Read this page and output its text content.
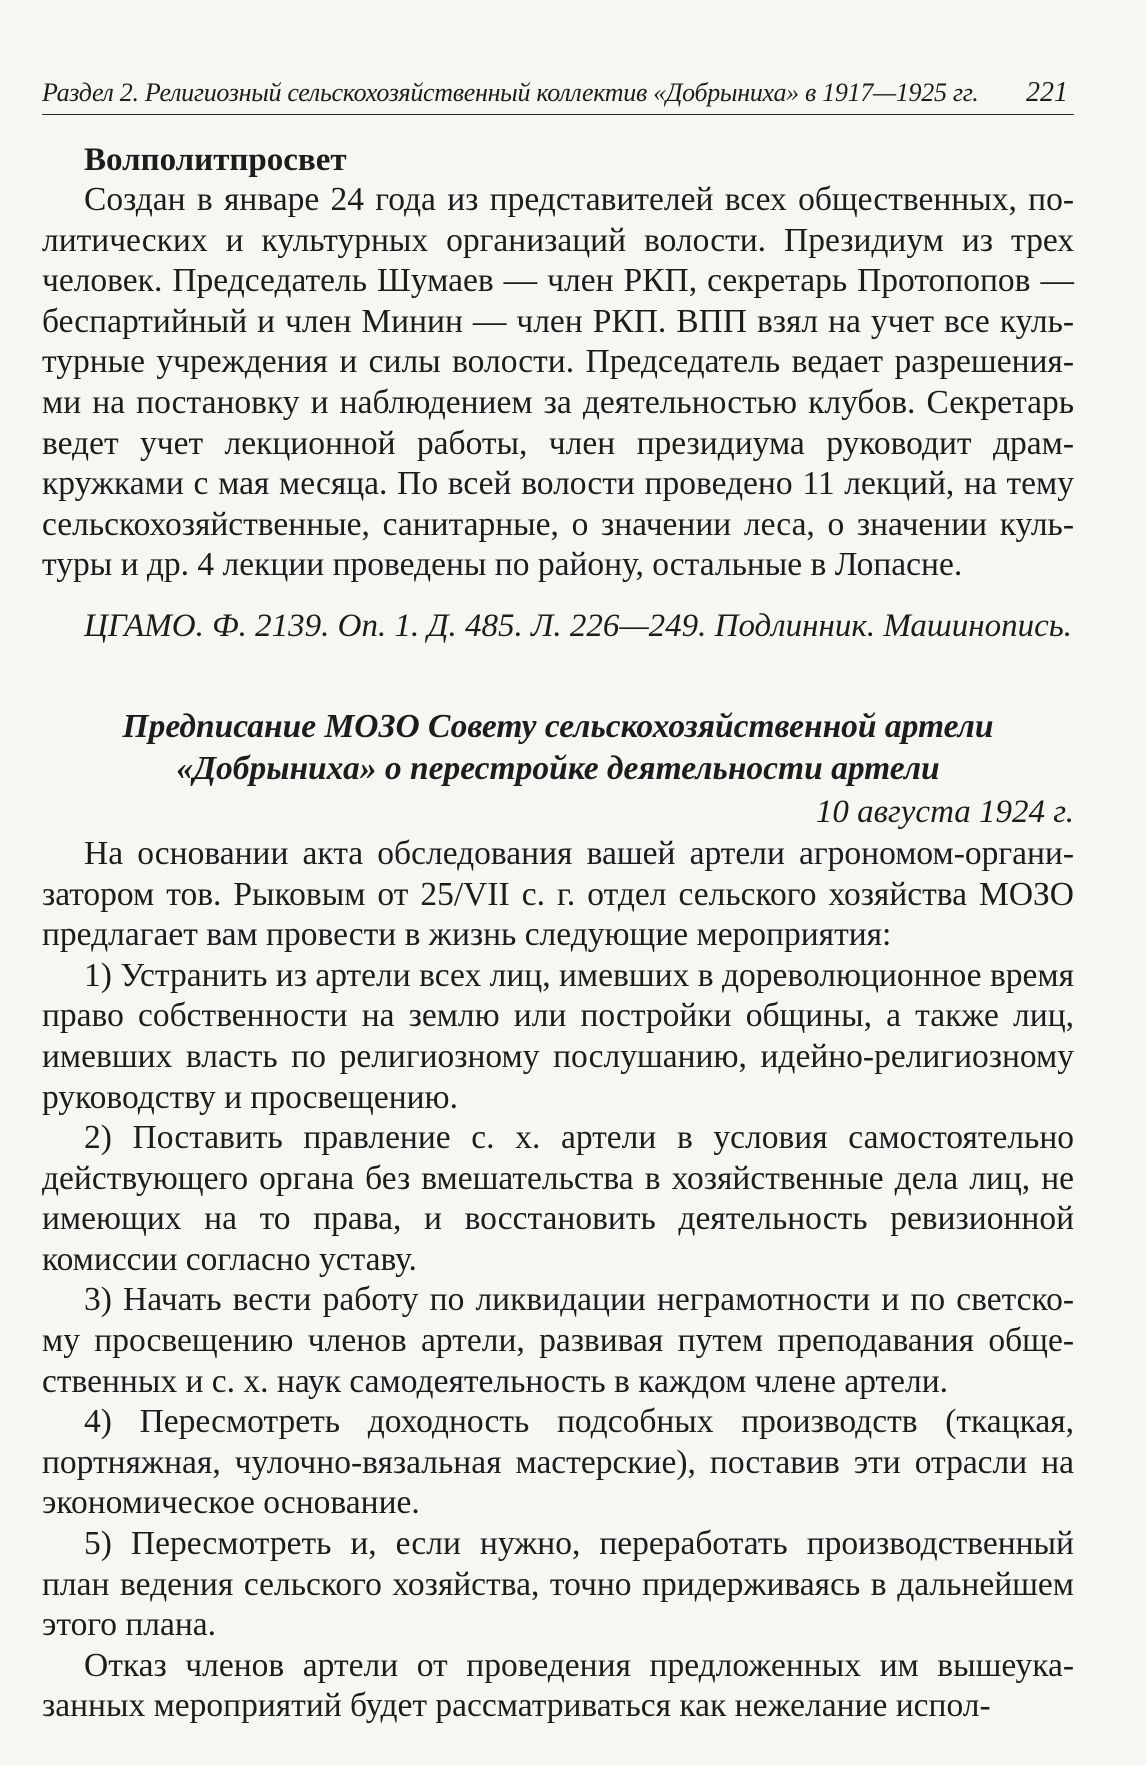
Раздел 2. Религиозный сельскохозяйственный коллектив «Добрыниха» в 1917—1925 гг. 221
Волполитпросвет

Создан в январе 24 года из представителей всех общественных, политических и культурных организаций волости. Президиум из трех человек. Председатель Шумаев — член РКП, секретарь Протопопов — беспартийный и член Минин — член РКП. ВПП взял на учет все культурные учреждения и силы волости. Председатель ведает разрешениями на постановку и наблюдением за деятельностью клубов. Секретарь ведет учет лекционной работы, член президиума руководит драмкружками с мая месяца. По всей волости проведено 11 лекций, на тему сельскохозяйственные, санитарные, о значении леса, о значении культуры и др. 4 лекции проведены по району, остальные в Лопасне.

ЦГАМО. Ф. 2139. Оп. 1. Д. 485. Л. 226—249. Подлинник. Машинопись.
Предписание МОЗО Совету сельскохозяйственной артели «Добрыниха» о перестройке деятельности артели
10 августа 1924 г.

На основании акта обследования вашей артели агрономом-организатором тов. Рыковым от 25/VII с. г. отдел сельского хозяйства МОЗО предлагает вам провести в жизнь следующие мероприятия:

1) Устранить из артели всех лиц, имевших в дореволюционное время право собственности на землю или постройки общины, а также лиц, имевших власть по религиозному послушанию, идейно-религиозному руководству и просвещению.

2) Поставить правление с. х. артели в условия самостоятельно действующего органа без вмешательства в хозяйственные дела лиц, не имеющих на то права, и восстановить деятельность ревизионной комиссии согласно уставу.

3) Начать вести работу по ликвидации неграмотности и по светскому просвещению членов артели, развивая путем преподавания общественных и с. х. наук самодеятельность в каждом члене артели.

4) Пересмотреть доходность подсобных производств (ткацкая, портняжная, чулочно-вязальная мастерские), поставив эти отрасли на экономическое основание.

5) Пересмотреть и, если нужно, переработать производственный план ведения сельского хозяйства, точно придерживаясь в дальнейшем этого плана.

Отказ членов артели от проведения предложенных им вышеуказанных мероприятий будет рассматриваться как нежелание испол-
